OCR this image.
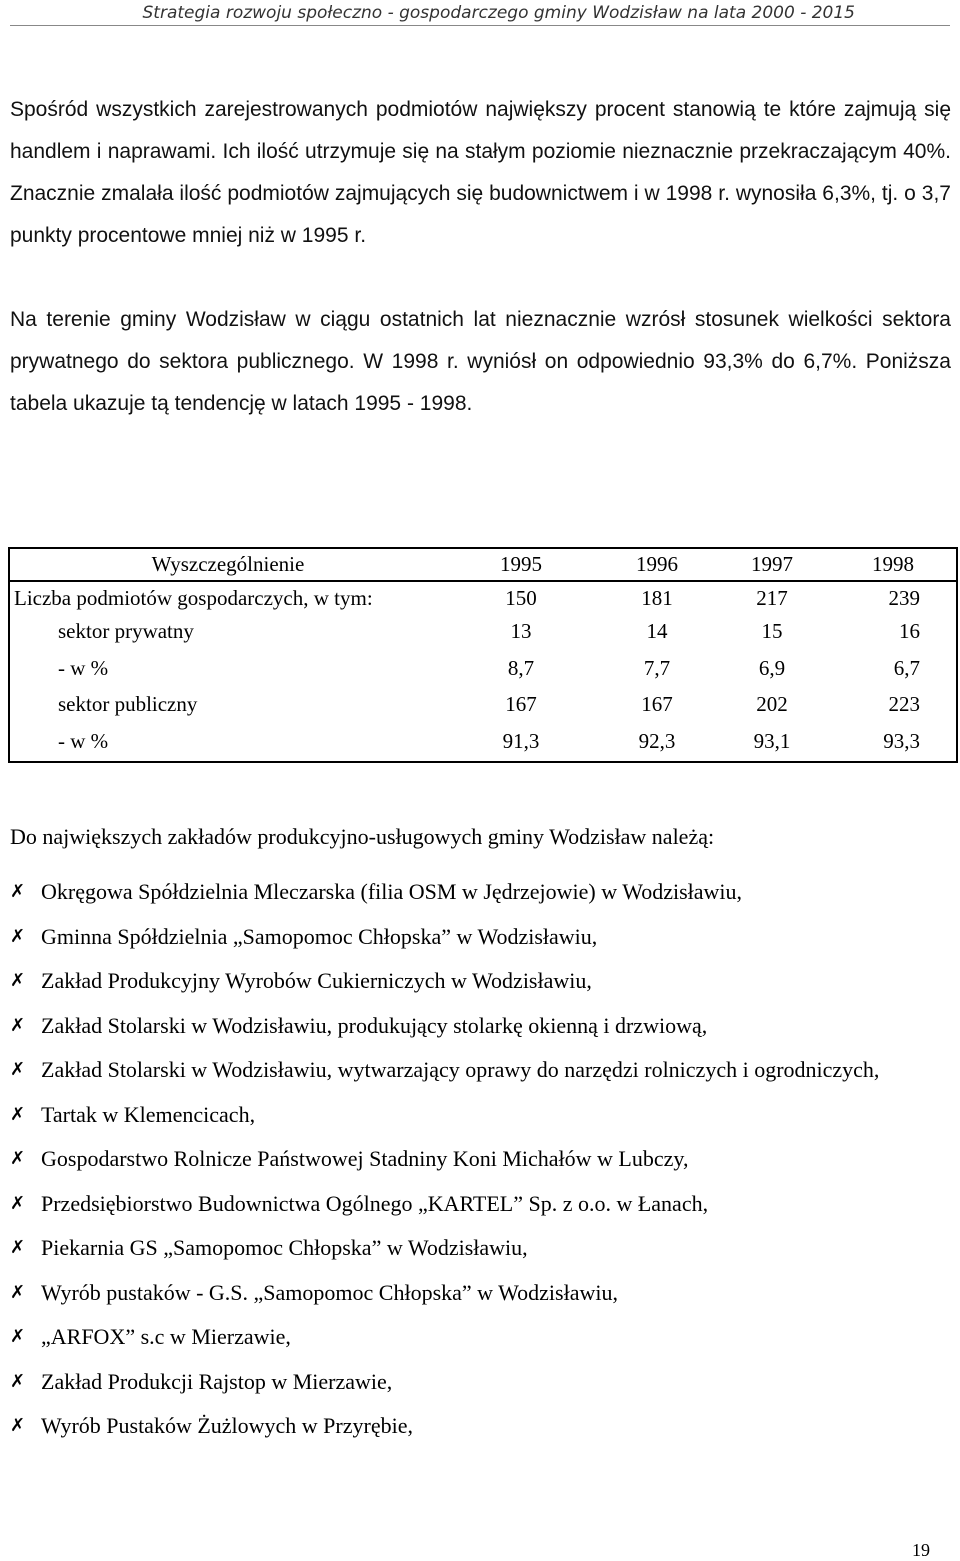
Strategia rozwoju społeczno - gospodarczego gminy Wodzisław na lata 2000 - 2015

Spośród wszystkich zarejestrowanych podmiotów największy procent stanowią te które zajmują się handlem i naprawami. Ich ilość utrzymuje się na stałym poziomie nieznacznie przekraczającym 40%. Znacznie zmalała ilość podmiotów zajmujących się budownictwem i w 1998 r. wynosiła 6,3%, tj. o 3,7 punkty procentowe mniej niż w 1995 r.

Na terenie gminy Wodzisław w ciągu ostatnich lat nieznacznie wzrósł stosunek wielkości sektora prywatnego do sektora publicznego. W 1998 r. wyniósł on odpowiednio 93,3% do 6,7%. Poniższa tabela ukazuje tą tendencję w latach 1995 - 1998.

Wyszczególnienie	1995	1996	1997	1998
Liczba podmiotów gospodarczych, w tym:	150	181	217	239
sektor prywatny	13	14	15	16
- w %	8,7	7,7	6,9	6,7
sektor publiczny	167	167	202	223
- w %	91,3	92,3	93,1	93,3
Do największych zakładów produkcyjno-usługowych gminy Wodzisław należą:
✗ Okręgowa Spółdzielnia Mleczarska (filia OSM w Jędrzejowie) w Wodzisławiu,
✗ Gminna Spółdzielnia „Samopomoc Chłopska” w Wodzisławiu,
✗ Zakład Produkcyjny Wyrobów Cukierniczych w Wodzisławiu,
✗ Zakład Stolarski w Wodzisławiu, produkujący stolarkę okienną i drzwiową,
✗ Zakład Stolarski w Wodzisławiu, wytwarzający oprawy do narzędzi rolniczych i ogrodniczych,
✗ Tartak w Klemencicach,
✗ Gospodarstwo Rolnicze Państwowej Stadniny Koni Michałów w Lubczy,
✗ Przedsiębiorstwo Budownictwa Ogólnego „KARTEL” Sp. z o.o. w Łanach,
✗ Piekarnia GS „Samopomoc Chłopska” w Wodzisławiu,
✗ Wyrób pustaków - G.S. „Samopomoc Chłopska” w Wodzisławiu,
✗ „ARFOX” s.c w Mierzawie,
✗ Zakład Produkcji Rajstop w Mierzawie,
✗ Wyrób Pustaków Żużlowych w Przyrębie,
19
